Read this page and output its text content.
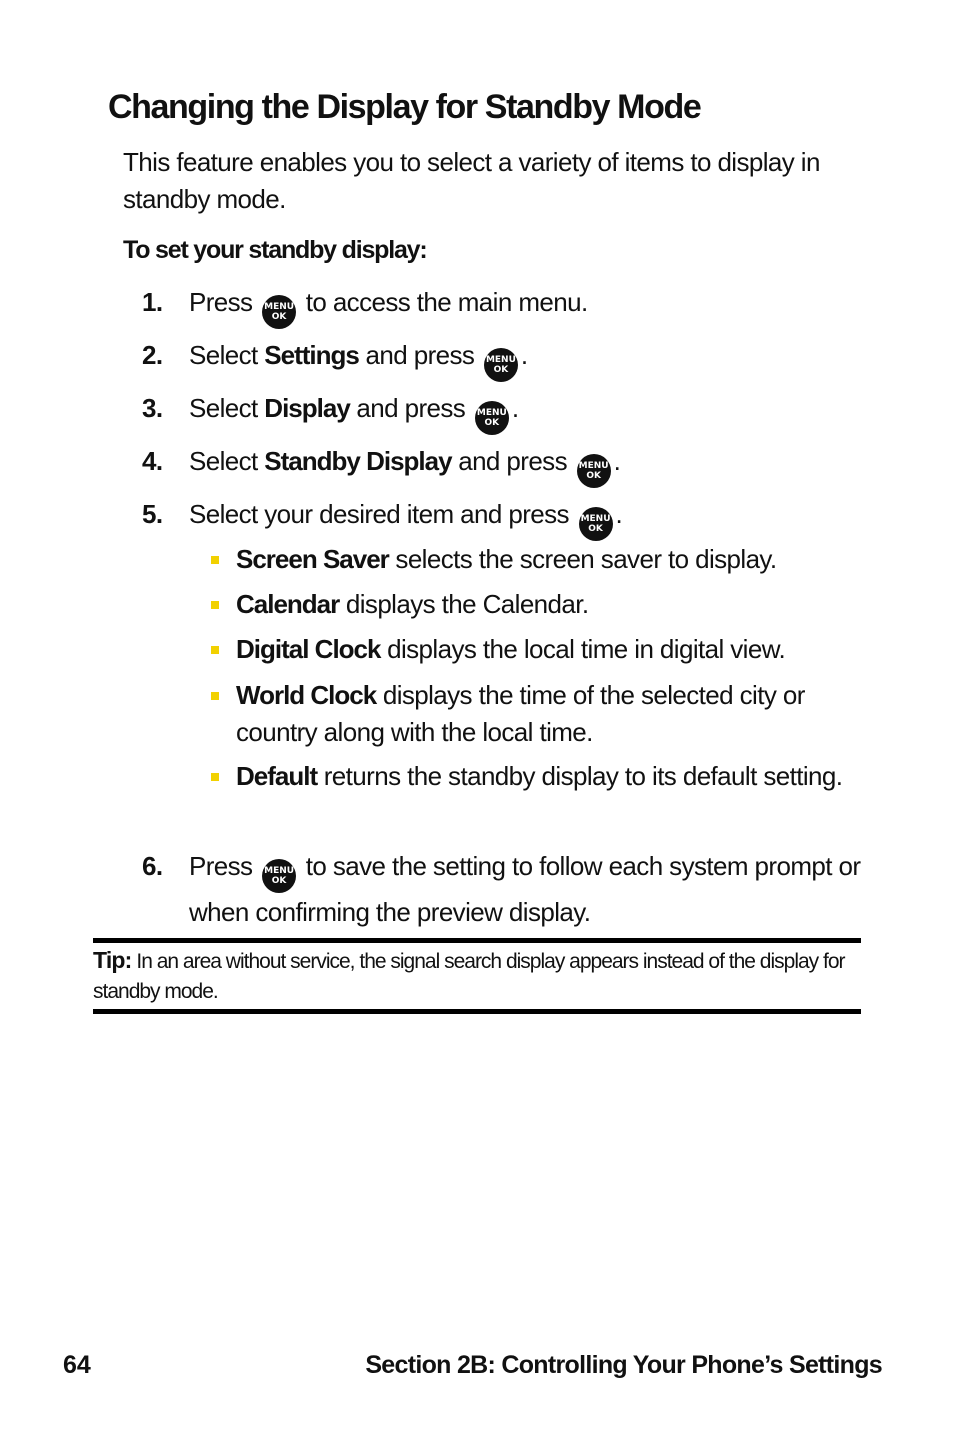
Changing the Display for Standby Mode

This feature enables you to select a variety of items to display in standby mode.

To set your standby display:

1. Press MENU
OK to access the main menu.
2. Select Settings and press MENU
OK .
3. Select Display and press MENU
OK .
4. Select Standby Display and press MENU
OK .
5. Select your desired item and press MENU
OK .
Screen Saver selects the screen saver to display.
Calendar displays the Calendar.
Digital Clock displays the local time in digital view.
World Clock displays the time of the selected city or country along with the local time.
Default returns the standby display to its default setting.
6. Press MENU
OK to save the setting to follow each system prompt or when confirming the preview display.
Tip: In an area without service, the signal search display appears instead of the display for standby mode.
64	Section 2B: Controlling Your Phone’s Settings
